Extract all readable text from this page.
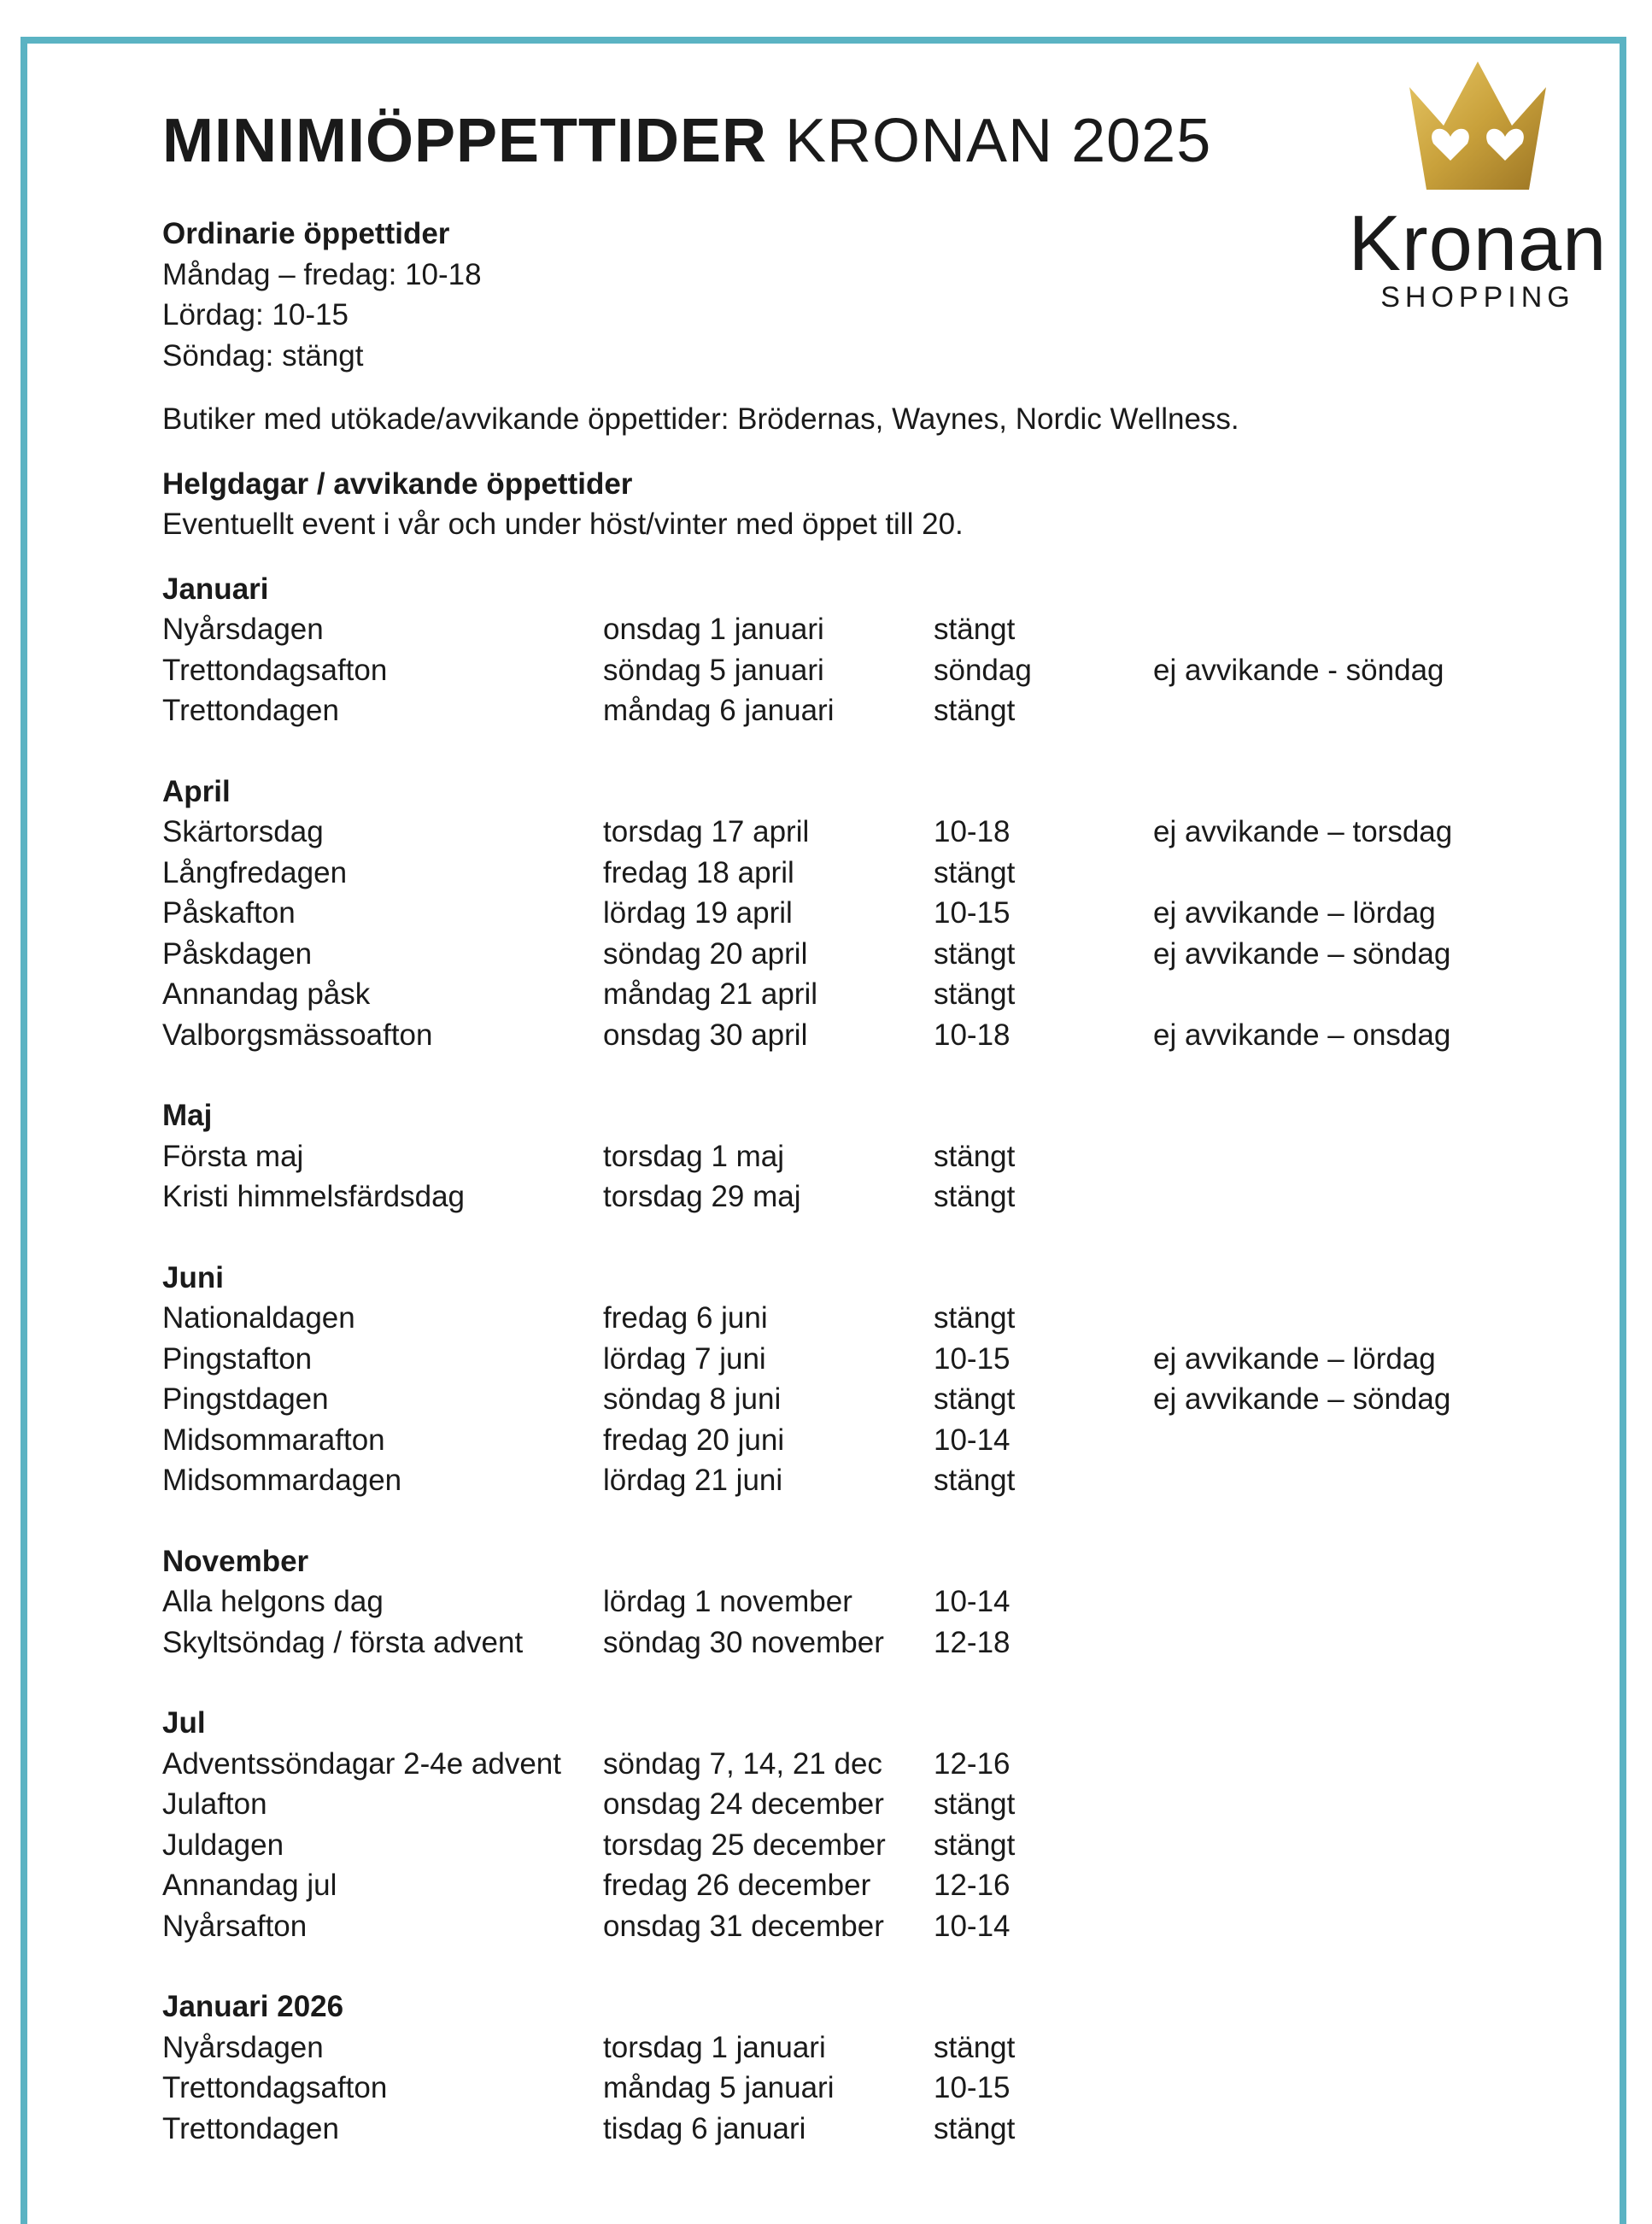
MINIMIÖPPETTIDER KRONAN 2025
Kronan
SHOPPING
Ordinarie öppettider
Måndag – fredag: 10-18
Lördag: 10-15
Söndag: stängt
Butiker med utökade/avvikande öppettider: Brödernas, Waynes, Nordic Wellness.
Helgdagar / avvikande öppettider
Eventuellt event i vår och under höst/vinter med öppet till 20.
Januari
Nyårsdagen	onsdag 1 januari	stängt
Trettondagsafton	söndag 5 januari	söndag	ej avvikande - söndag
Trettondagen	måndag 6 januari	stängt
April
Skärtorsdag	torsdag 17 april	10-18	ej avvikande – torsdag
Långfredagen	fredag 18 april	stängt
Påskafton	lördag 19 april	10-15	ej avvikande – lördag
Påskdagen	söndag 20 april	stängt	ej avvikande – söndag
Annandag påsk	måndag 21 april	stängt
Valborgsmässoafton	onsdag 30 april	10-18	ej avvikande – onsdag
Maj
Första maj	torsdag 1 maj	stängt
Kristi himmelsfärdsdag	torsdag 29 maj	stängt
Juni
Nationaldagen	fredag 6 juni	stängt
Pingstafton	lördag 7 juni	10-15	ej avvikande – lördag
Pingstdagen	söndag 8 juni	stängt	ej avvikande – söndag
Midsommarafton	fredag 20 juni	10-14
Midsommardagen	lördag 21 juni	stängt
November
Alla helgons dag	lördag 1 november	10-14
Skyltsöndag / första advent	söndag 30 november 12-18
Jul
Adventssöndagar 2-4e advent söndag 7, 14, 21 dec 12-16
Julafton	onsdag 24 december stängt
Juldagen	torsdag 25 december stängt
Annandag jul	fredag 26 december 12-16
Nyårsafton	onsdag 31 december 10-14
Januari 2026
Nyårsdagen	torsdag 1 januari	stängt
Trettondagsafton	måndag 5 januari	10-15
Trettondagen	tisdag 6 januari	stängt
